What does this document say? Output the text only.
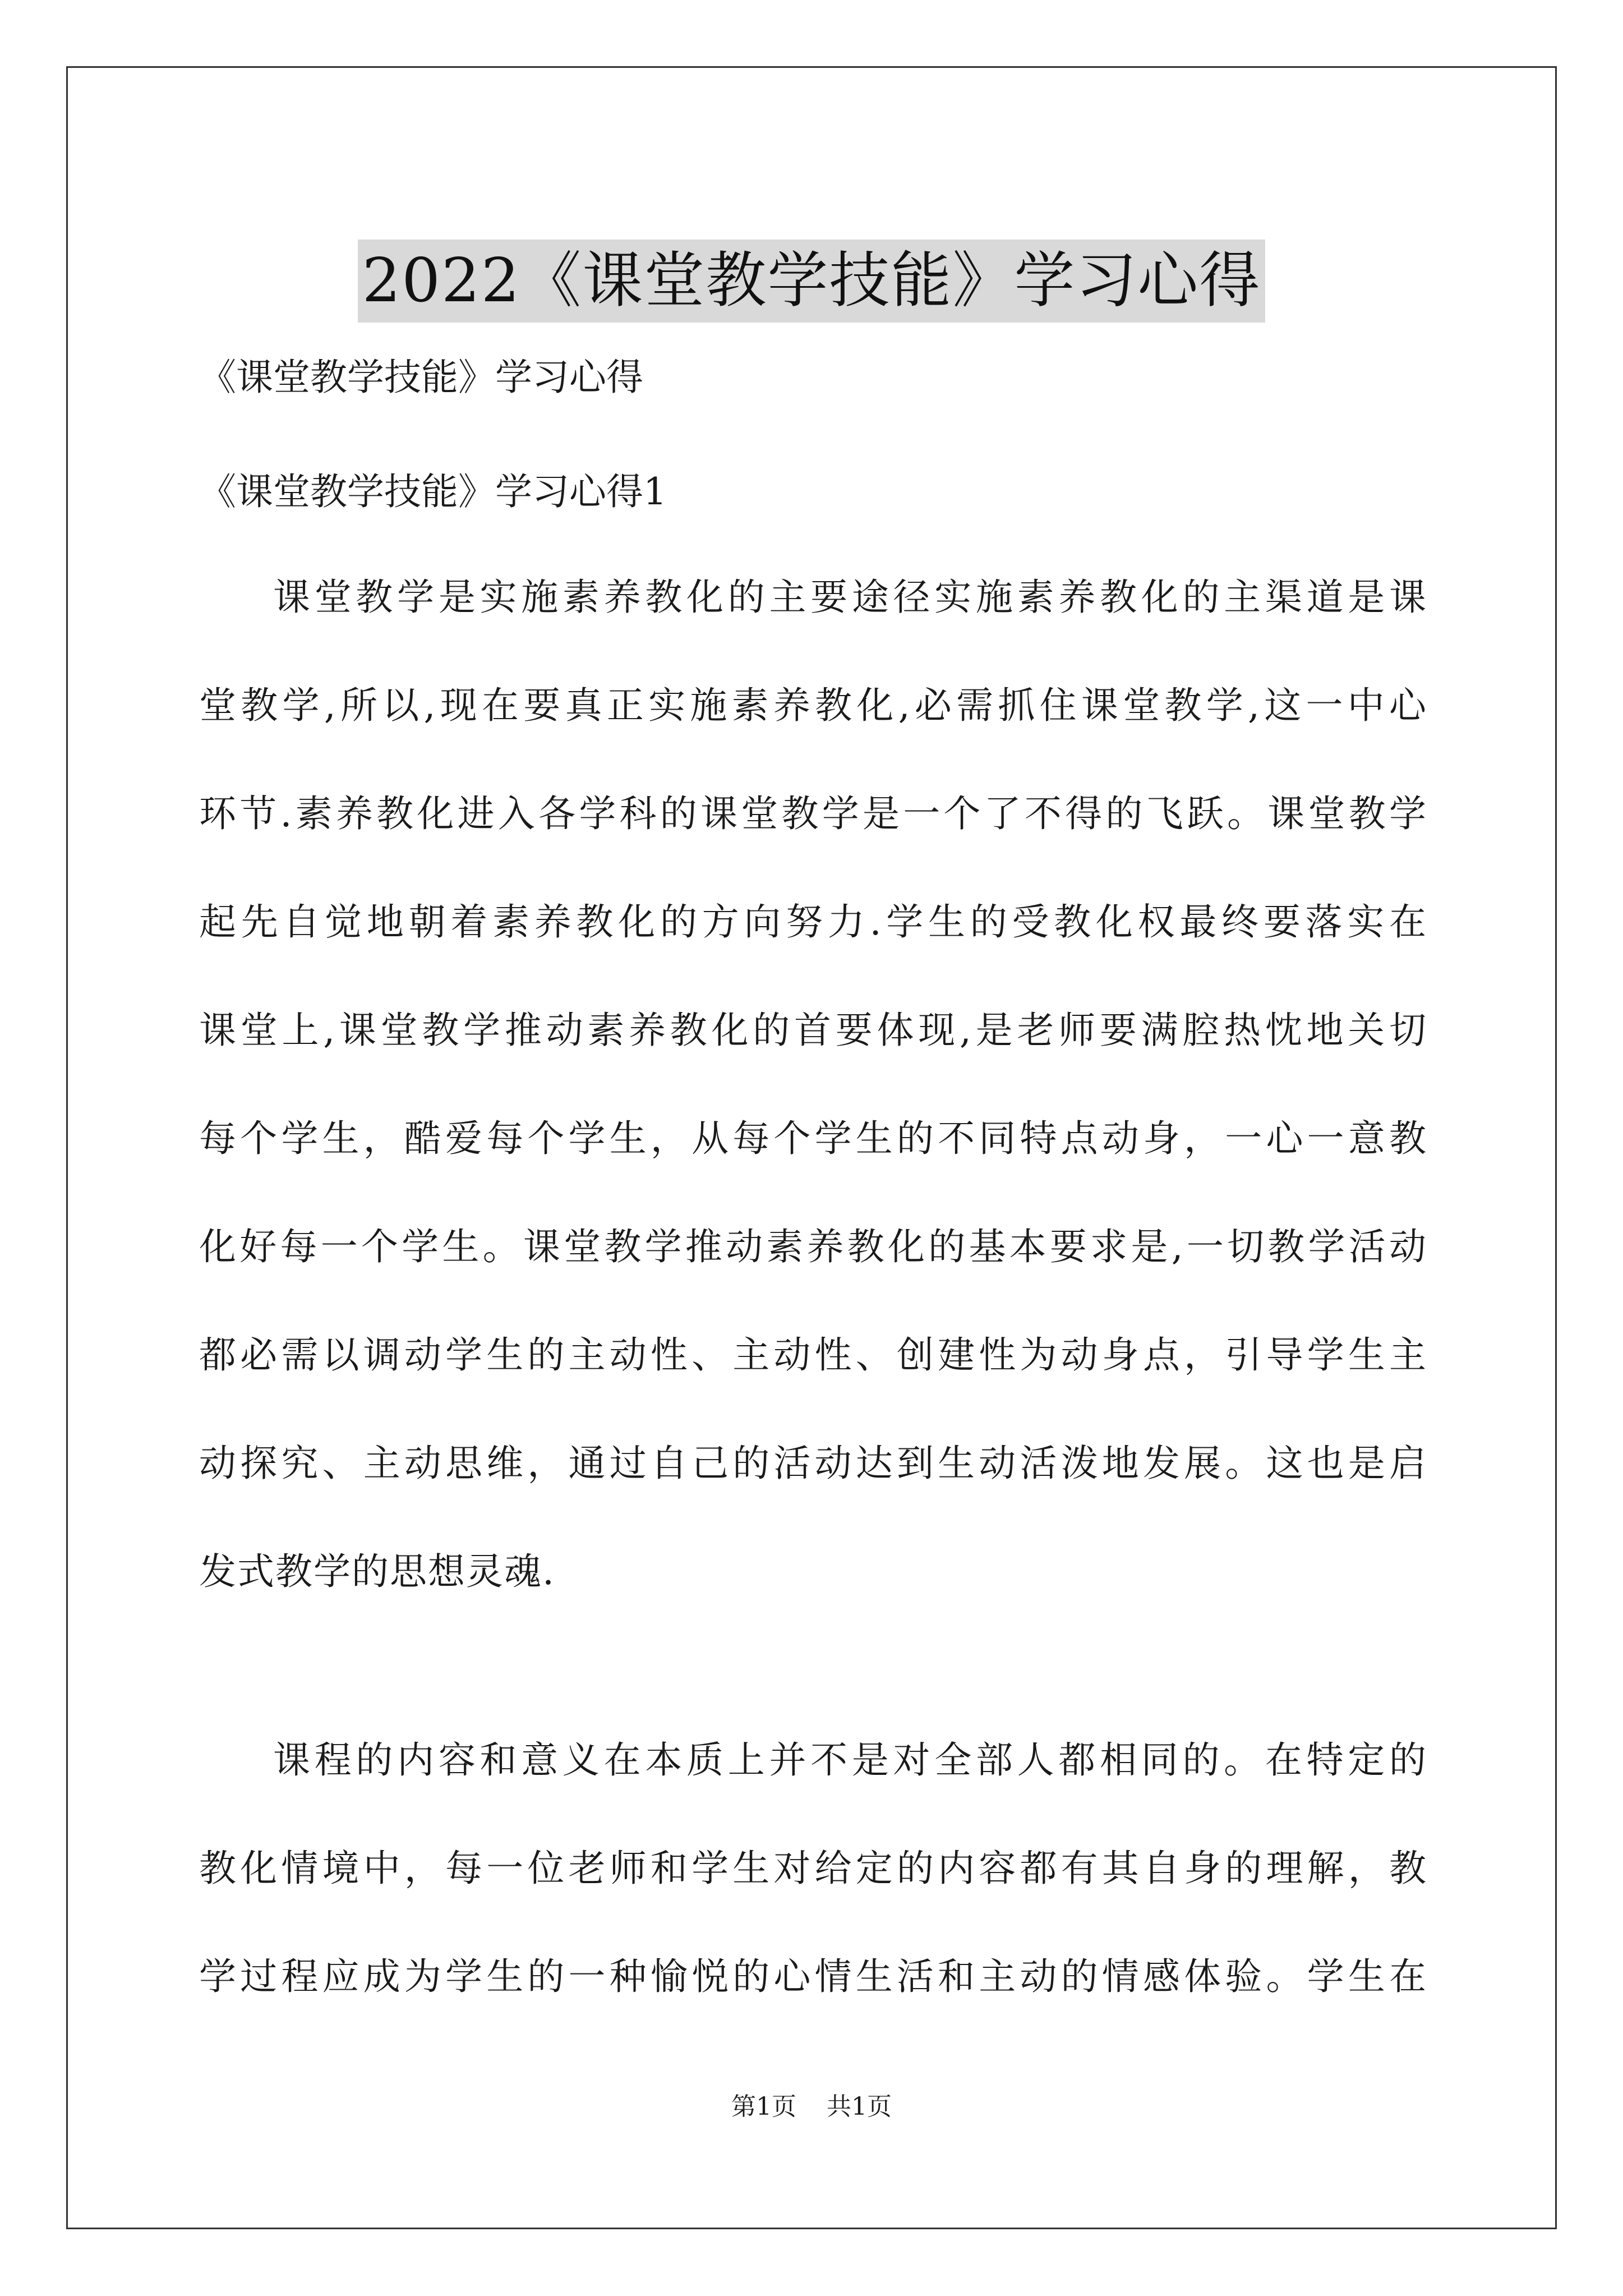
2022《课堂教学技能》学习心得
《课堂教学技能》学习心得
《课堂教学技能》学习心得1
课堂教学是实施素养教化的主要途径实施素养教化的主渠道是课
堂教学,所以,现在要真正实施素养教化,必需抓住课堂教学,这一中心
环节.素养教化进入各学科的课堂教学是一个了不得的飞跃。课堂教学
起先自觉地朝着素养教化的方向努力.学生的受教化权最终要落实在
课堂上,课堂教学推动素养教化的首要体现,是老师要满腔热忱地关切
每个学生，酷爱每个学生，从每个学生的不同特点动身，一心一意教
化好每一个学生。课堂教学推动素养教化的基本要求是,一切教学活动
都必需以调动学生的主动性、主动性、创建性为动身点，引导学生主
动探究、主动思维，通过自己的活动达到生动活泼地发展。这也是启
发式教学的思想灵魂.
课程的内容和意义在本质上并不是对全部人都相同的。在特定的
教化情境中，每一位老师和学生对给定的内容都有其自身的理解，教
学过程应成为学生的一种愉悦的心情生活和主动的情感体验。学生在
第1页 共1页
